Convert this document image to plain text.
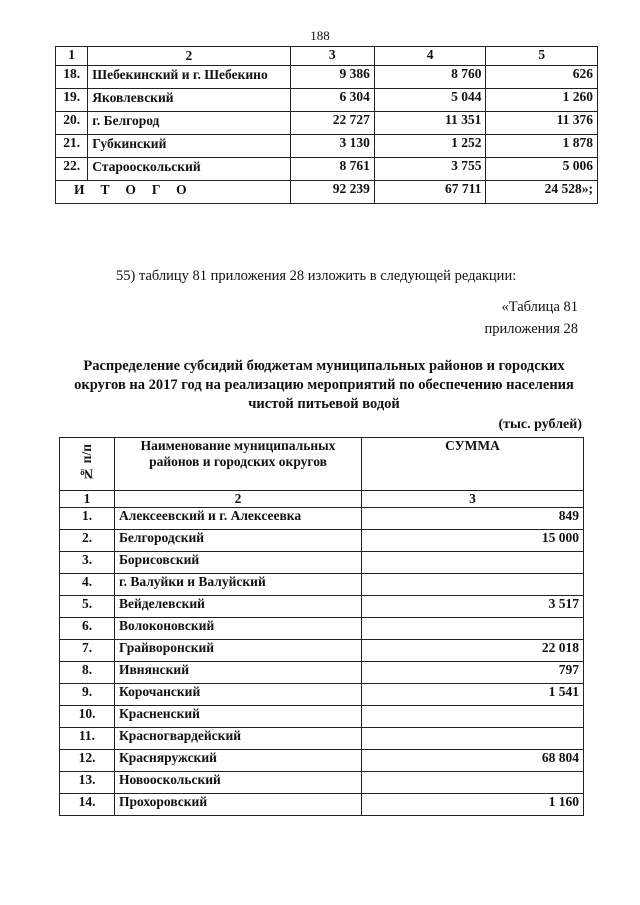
188
1	2	3	4	5
18.	Шебекинский и г. Шебекино	9 386	8 760	626
19.	Яковлевский	6 304	5 044	1 260
20.	г. Белгород	22 727	11 351	11 376
21.	Губкинский	3 130	1 252	1 878
22.	Старооскольский	8 761	3 755	5 006
ИТОГО		92 239	67 711	24 528»;
55) таблицу 81 приложения 28 изложить в следующей редакции:
«Таблица 81
приложения 28
Распределение субсидий бюджетам муниципальных районов и городских округов на 2017 год на реализацию мероприятий по обеспечению населения чистой питьевой водой
(тыс. рублей)
№ п/п	Наименование муниципальных районов и городских округов	СУММА
1	2	3
1.	Алексеевский и г. Алексеевка	849
2.	Белгородский	15 000
3.	Борисовский	
4.	г. Валуйки и Валуйский	
5.	Вейделевский	3 517
6.	Волоконовский	
7.	Грайворонский	22 018
8.	Ивнянский	797
9.	Корочанский	1 541
10.	Красненский	
11.	Красногвардейский	
12.	Красняружский	68 804
13.	Новооскольский	
14.	Прохоровский	1 160
